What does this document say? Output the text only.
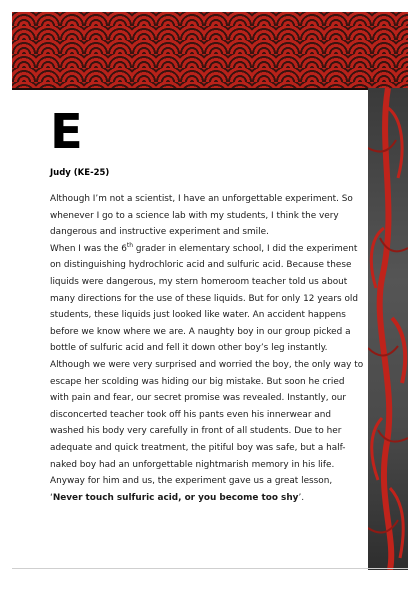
E
Judy (KE-25)

Although I’m not a scientist, I have an unforgettable experiment. So whenever I go to a science lab with my students, I think the very dangerous and instructive experiment and smile.

When I was the 6th grader in elementary school, I did the experiment on distinguishing hydrochloric acid and sulfuric acid. Because these liquids were dangerous, my stern homeroom teacher told us about many directions for the use of these liquids. But for only 12 years old students, these liquids just looked like water. An accident happens before we know where we are. A naughty boy in our group picked a bottle of sulfuric acid and fell it down other boy’s leg instantly. Although we were very surprised and worried the boy, the only way to escape her scolding was hiding our big mistake. But soon he cried with pain and fear, our secret promise was revealed. Instantly, our disconcerted teacher took off his pants even his innerwear and washed his body very carefully in front of all students. Due to her adequate and quick treatment, the pitiful boy was safe, but a half-naked boy had an unforgettable nightmarish memory in his life. Anyway for him and us, the experiment gave us a great lesson, ‘Never touch sulfuric acid, or you become too shy’.
